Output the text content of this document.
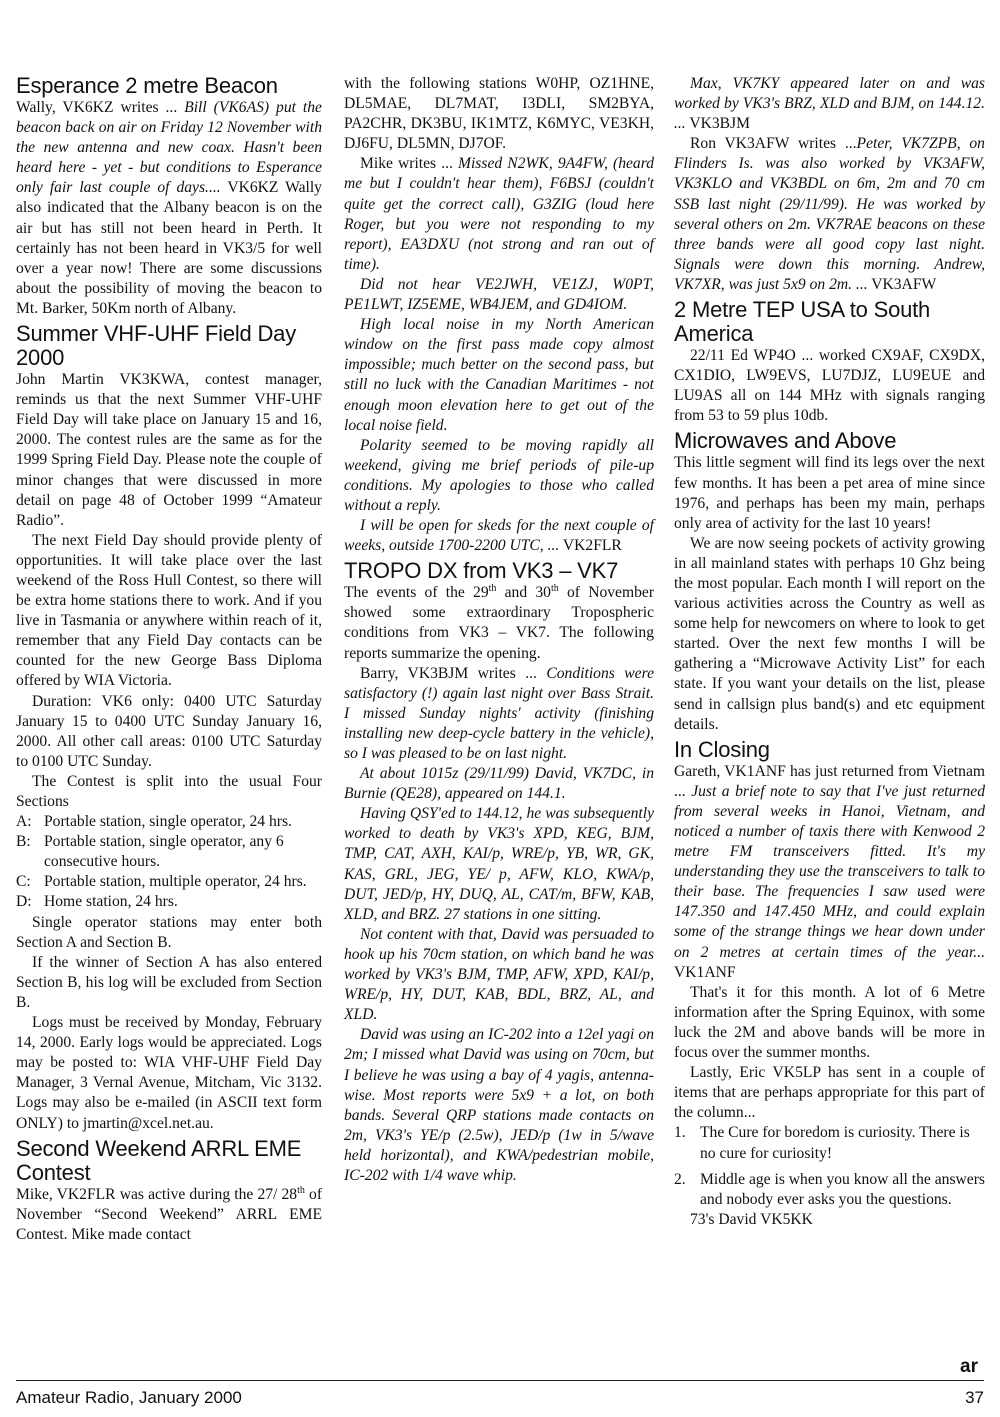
Esperance 2 metre Beacon

Wally, VK6KZ writes ... Bill (VK6AS) put the beacon back on air on Friday 12 November with the new antenna and new coax. Hasn't been heard here - yet - but conditions to Esperance only fair last couple of days.... VK6KZ Wally also indicated that the Albany beacon is on the air but has still not been heard in Perth. It certainly has not been heard in VK3/5 for well over a year now! There are some discussions about the possibility of moving the beacon to Mt. Barker, 50Km north of Albany.

Summer VHF-UHF Field Day 2000

John Martin VK3KWA, contest manager, reminds us that the next Summer VHF-UHF Field Day will take place on January 15 and 16, 2000. The contest rules are the same as for the 1999 Spring Field Day. Please note the couple of minor changes that were discussed in more detail on page 48 of October 1999 “Amateur Radio”.

The next Field Day should provide plenty of opportunities. It will take place over the last weekend of the Ross Hull Contest, so there will be extra home stations there to work. And if you live in Tasmania or anywhere within reach of it, remember that any Field Day contacts can be counted for the new George Bass Diploma offered by WIA Victoria.

Duration: VK6 only: 0400 UTC Saturday January 15 to 0400 UTC Sunday January 16, 2000. All other call areas: 0100 UTC Saturday to 0100 UTC Sunday.

The Contest is split into the usual Four Sections

A: Portable station, single operator, 24 hrs.
B: Portable station, single operator, any 6 consecutive hours.
C: Portable station, multiple operator, 24 hrs.
D: Home station, 24 hrs.

Single operator stations may enter both Section A and Section B.

If the winner of Section A has also entered Section B, his log will be excluded from Section B.

Logs must be received by Monday, February 14, 2000. Early logs would be appreciated. Logs may be posted to: WIA VHF-UHF Field Day Manager, 3 Vernal Avenue, Mitcham, Vic 3132. Logs may also be e-mailed (in ASCII text form ONLY) to jmartin@xcel.net.au.

Second Weekend ARRL EME Contest

Mike, VK2FLR was active during the 27/ 28th of November “Second Weekend” ARRL EME Contest. Mike made contact

with the following stations W0HP, OZ1HNE, DL5MAE, DL7MAT, I3DLI, SM2BYA, PA2CHR, DK3BU, IK1MTZ, K6MYC, VE3KH, DJ6FU, DL5MN, DJ7OF.

Mike writes ... Missed N2WK, 9A4FW, (heard me but I couldn't hear them), F6BSJ (couldn't quite get the correct call), G3ZIG (loud here Roger, but you were not responding to my report), EA3DXU (not strong and ran out of time).

Did not hear VE2JWH, VE1ZJ, W0PT, PE1LWT, IZ5EME, WB4JEM, and GD4IOM.

High local noise in my North American window on the first pass made copy almost impossible; much better on the second pass, but still no luck with the Canadian Maritimes - not enough moon elevation here to get out of the local noise field.

Polarity seemed to be moving rapidly all weekend, giving me brief periods of pile-up conditions. My apologies to those who called without a reply.

I will be open for skeds for the next couple of weeks, outside 1700-2200 UTC, ... VK2FLR

TROPO DX from VK3 – VK7

The events of the 29th and 30th of November showed some extraordinary Tropospheric conditions from VK3 – VK7. The following reports summarize the opening.

Barry, VK3BJM writes ... Conditions were satisfactory (!) again last night over Bass Strait. I missed Sunday nights' activity (finishing installing new deep-cycle battery in the vehicle), so I was pleased to be on last night.

At about 1015z (29/11/99) David, VK7DC, in Burnie (QE28), appeared on 144.1.

Having QSY'ed to 144.12, he was subsequently worked to death by VK3's XPD, KEG, BJM, TMP, CAT, AXH, KAI/p, WRE/p, YB, WR, GK, KAS, GRL, JEG, YE/ p, AFW, KLO, KWA/p, DUT, JED/p, HY, DUQ, AL, CAT/m, BFW, KAB, XLD, and BRZ. 27 stations in one sitting.

Not content with that, David was persuaded to hook up his 70cm station, on which band he was worked by VK3's BJM, TMP, AFW, XPD, KAI/p, WRE/p, HY, DUT, KAB, BDL, BRZ, AL, and XLD.

David was using an IC-202 into a 12el yagi on 2m; I missed what David was using on 70cm, but I believe he was using a bay of 4 yagis, antenna-wise. Most reports were 5x9 + a lot, on both bands. Several QRP stations made contacts on 2m, VK3's YE/p (2.5w), JED/p (1w in 5/wave held horizontal), and KWA/pedestrian mobile, IC-202 with 1/4 wave whip.

Max, VK7KY appeared later on and was worked by VK3's BRZ, XLD and BJM, on 144.12. ... VK3BJM

Ron VK3AFW writes ...Peter, VK7ZPB, on Flinders Is. was also worked by VK3AFW, VK3KLO and VK3BDL on 6m, 2m and 70 cm SSB last night (29/11/99). He was worked by several others on 2m. VK7RAE beacons on these three bands were all good copy last night. Signals were down this morning. Andrew, VK7XR, was just 5x9 on 2m. ... VK3AFW

2 Metre TEP USA to South America

22/11 Ed WP4O ... worked CX9AF, CX9DX, CX1DIO, LW9EVS, LU7DJZ, LU9EUE and LU9AS all on 144 MHz with signals ranging from 53 to 59 plus 10db.

Microwaves and Above

This little segment will find its legs over the next few months. It has been a pet area of mine since 1976, and perhaps has been my main, perhaps only area of activity for the last 10 years!

We are now seeing pockets of activity growing in all mainland states with perhaps 10 Ghz being the most popular. Each month I will report on the various activities across the Country as well as some help for newcomers on where to look to get started. Over the next few months I will be gathering a “Microwave Activity List” for each state. If you want your details on the list, please send in callsign plus band(s) and etc equipment details.

In Closing

Gareth, VK1ANF has just returned from Vietnam ... Just a brief note to say that I've just returned from several weeks in Hanoi, Vietnam, and noticed a number of taxis there with Kenwood 2 metre FM transceivers fitted. It's my understanding they use the transceivers to talk to their base. The frequencies I saw used were 147.350 and 147.450 MHz, and could explain some of the strange things we hear down under on 2 metres at certain times of the year... VK1ANF

That's it for this month. A lot of 6 Metre information after the Spring Equinox, with some luck the 2M and above bands will be more in focus over the summer months.

Lastly, Eric VK5LP has sent in a couple of items that are perhaps appropriate for this part of the column...

1. The Cure for boredom is curiosity. There is no cure for curiosity!
2. Middle age is when you know all the answers and nobody ever asks you the questions.

73's David VK5KK

ar
Amateur Radio, January 2000	37
